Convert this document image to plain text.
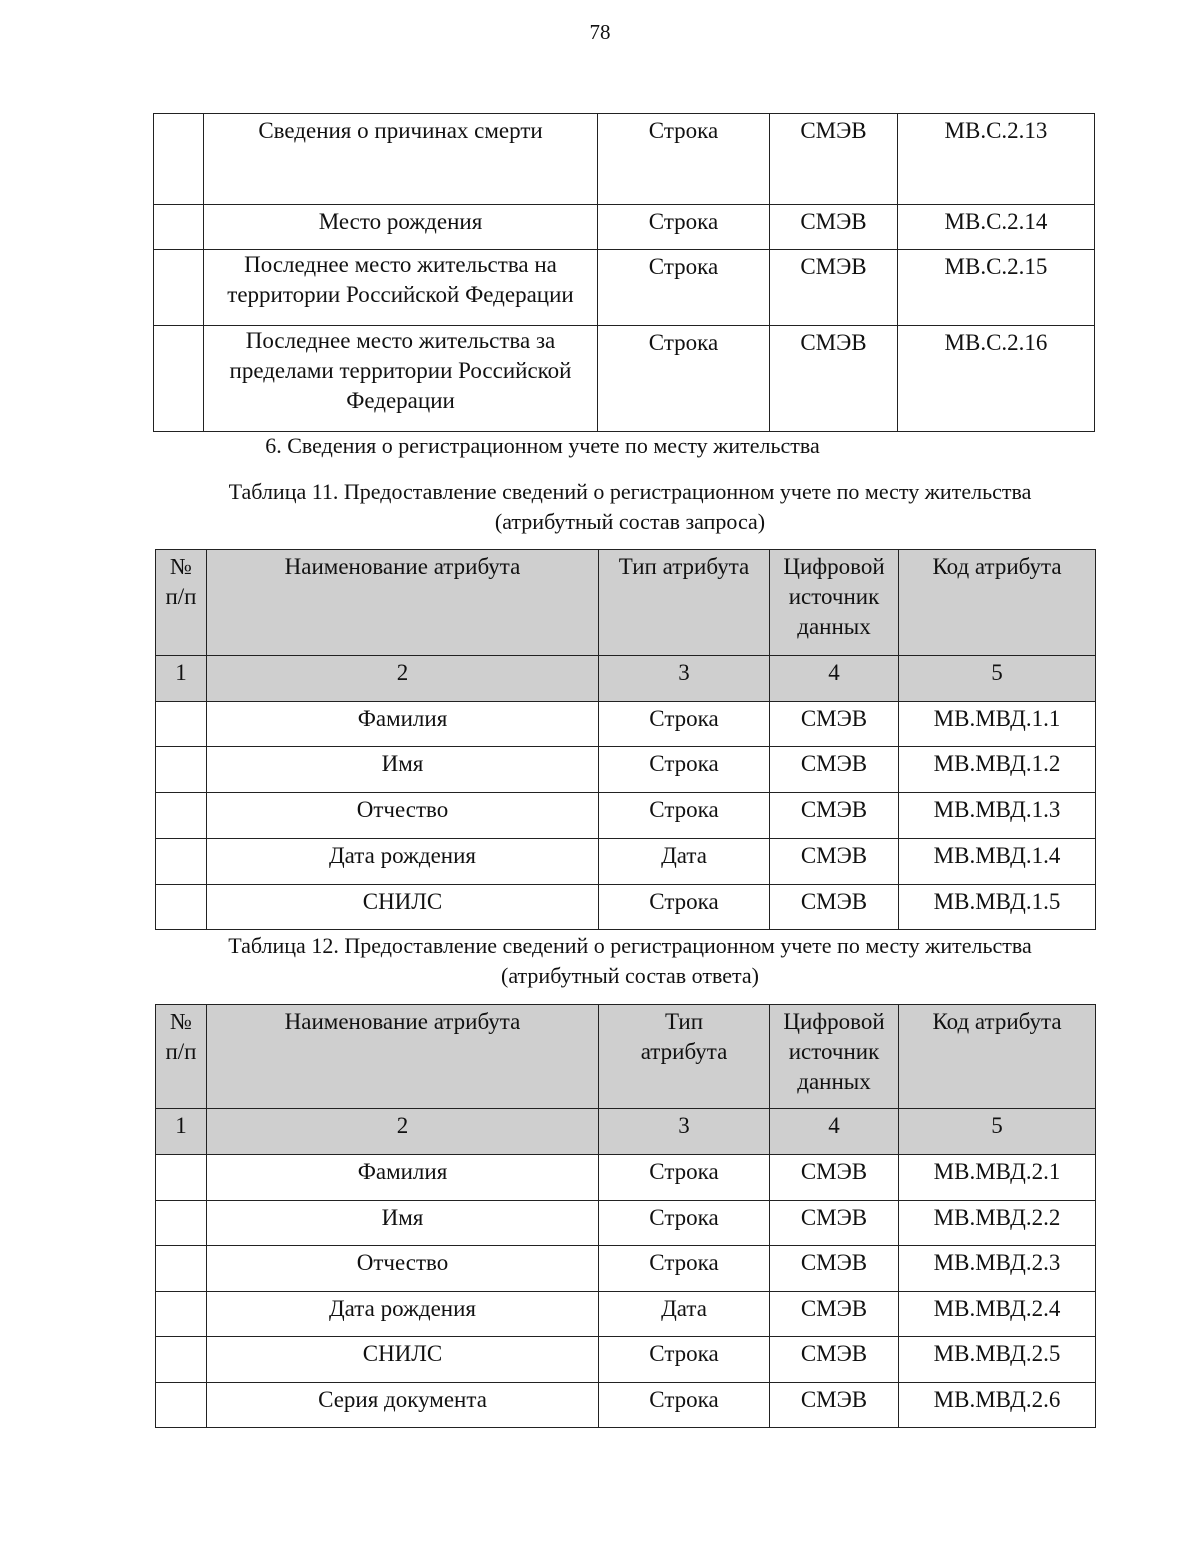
78

	Сведения о причинах смерти	Строка	СМЭВ	МВ.С.2.13

	Место рождения	Строка	СМЭВ	МВ.С.2.14

	Последнее место жительства на территории Российской Федерации	Строка	СМЭВ	МВ.С.2.15

	Последнее место жительства за пределами территории Российской Федерации	Строка	СМЭВ	МВ.С.2.16
6. Сведения о регистрационном учете по месту жительства
Таблица 11. Предоставление сведений о регистрационном учете по месту жительства
(атрибутный состав запроса)
№ п/п	Наименование атрибута	Тип атрибута	Цифровой источник данных	Код атрибута

1	2	3	4	5

	Фамилия	Строка	СМЭВ	МВ.МВД.1.1

	Имя	Строка	СМЭВ	МВ.МВД.1.2

	Отчество	Строка	СМЭВ	МВ.МВД.1.3

	Дата рождения	Дата	СМЭВ	МВ.МВД.1.4

	СНИЛС	Строка	СМЭВ	МВ.МВД.1.5
Таблица 12. Предоставление сведений о регистрационном учете по месту жительства
(атрибутный состав ответа)
№ п/п	Наименование атрибута	Тип атрибута	Цифровой источник данных	Код атрибута

1	2	3	4	5

	Фамилия	Строка	СМЭВ	МВ.МВД.2.1

	Имя	Строка	СМЭВ	МВ.МВД.2.2

	Отчество	Строка	СМЭВ	МВ.МВД.2.3

	Дата рождения	Дата	СМЭВ	МВ.МВД.2.4

	СНИЛС	Строка	СМЭВ	МВ.МВД.2.5

	Серия документа	Строка	СМЭВ	МВ.МВД.2.6
